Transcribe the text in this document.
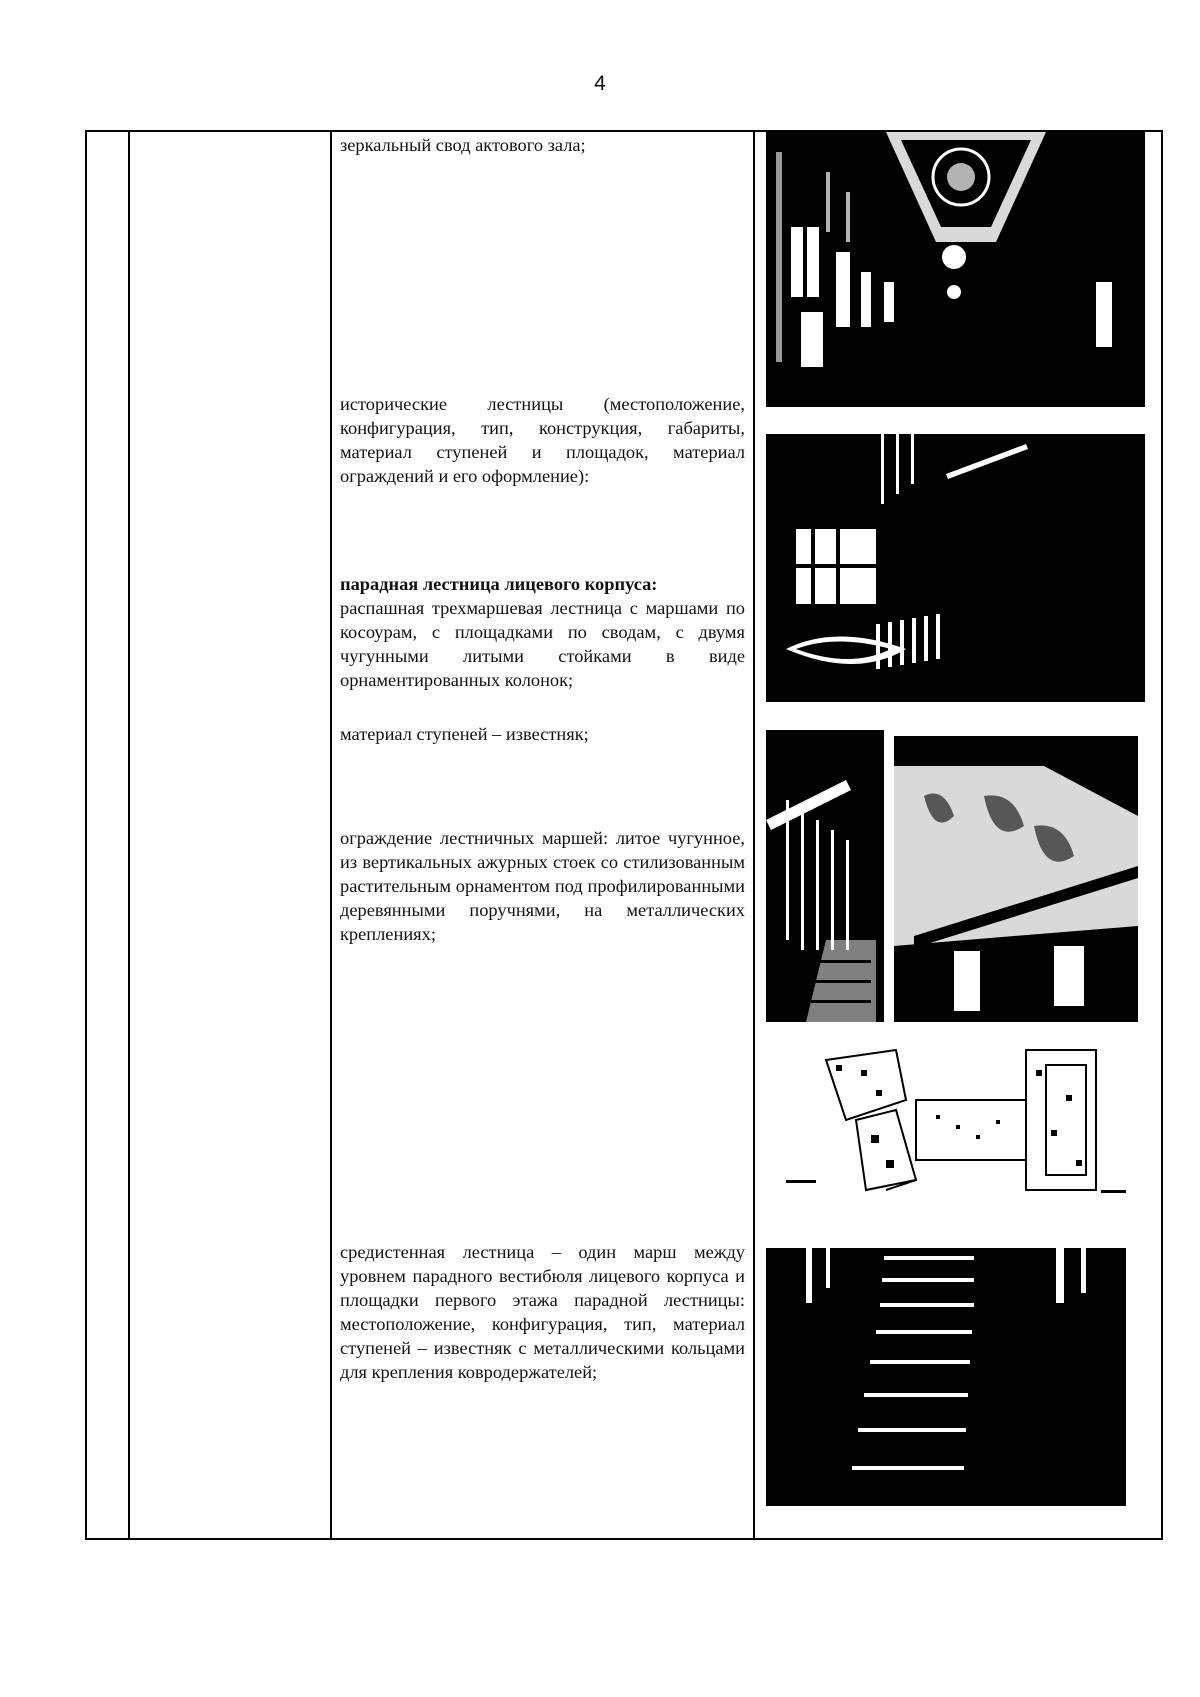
4
зеркальный свод актового зала;
исторические лестницы (местоположение, конфигурация, тип, конструкция, габариты, материал ступеней и площадок, материал ограждений и его оформление):
парадная лестница лицевого корпуса:
распашная трехмаршевая лестница с маршами по косоурам, с площадками по сводам, с двумя чугунными литыми стойками в виде орнаментированных колонок;
материал ступеней – известняк;
ограждение лестничных маршей: литое чугунное, из вертикальных ажурных стоек со стилизованным растительным орнаментом под профилированными деревянными поручнями, на металлических креплениях;
средистенная лестница – один марш между уровнем парадного вестибюля лицевого корпуса и площадки первого этажа парадной лестницы: местоположение, конфигурация, тип, материал ступеней – известняк с металлическими кольцами для крепления ковродержателей;
